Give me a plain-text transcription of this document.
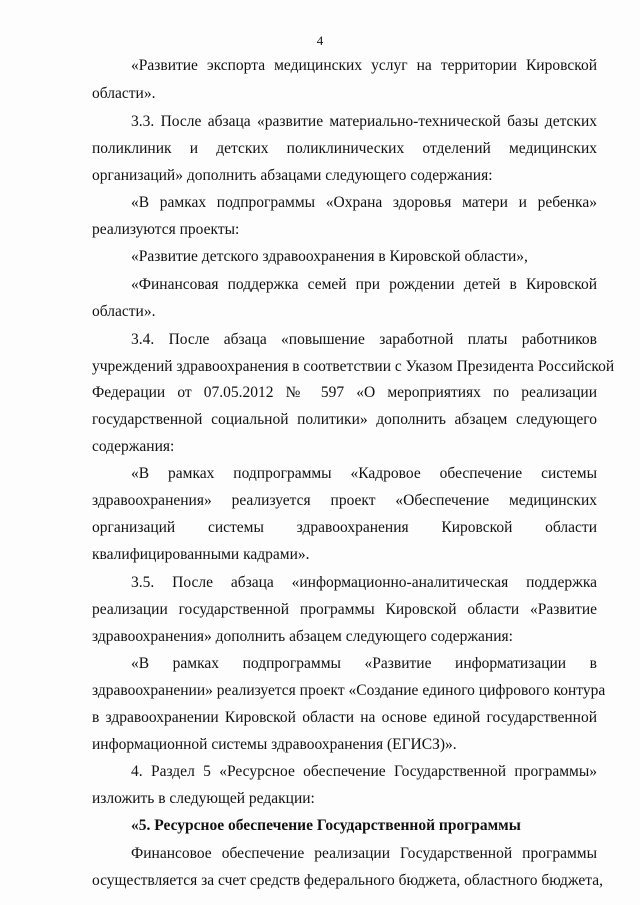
4
«Развитие экспорта медицинских услуг на территории Кировской
области».
3.3. После абзаца «развитие материально-технической базы детских
поликлиник и детских поликлинических отделений медицинских
организаций» дополнить абзацами следующего содержания:
«В рамках подпрограммы «Охрана здоровья матери и ребенка»
реализуются проекты:
«Развитие детского здравоохранения в Кировской области»,
«Финансовая поддержка семей при рождении детей в Кировской
области».
3.4. После абзаца «повышение заработной платы работников
учреждений здравоохранения в соответствии с Указом Президента Российской
Федерации от 07.05.2012 № 597 «О мероприятиях по реализации
государственной социальной политики» дополнить абзацем следующего
содержания:
«В рамках подпрограммы «Кадровое обеспечение системы
здравоохранения» реализуется проект «Обеспечение медицинских
организаций системы здравоохранения Кировской области
квалифицированными кадрами».
3.5. После абзаца «информационно-аналитическая поддержка
реализации государственной программы Кировской области «Развитие
здравоохранения» дополнить абзацем следующего содержания:
«В рамках подпрограммы «Развитие информатизации в
здравоохранении» реализуется проект «Создание единого цифрового контура
в здравоохранении Кировской области на основе единой государственной
информационной системы здравоохранения (ЕГИСЗ)».
4. Раздел 5 «Ресурсное обеспечение Государственной программы»
изложить в следующей редакции:
«5. Ресурсное обеспечение Государственной программы
Финансовое обеспечение реализации Государственной программы
осуществляется за счет средств федерального бюджета, областного бюджета,
